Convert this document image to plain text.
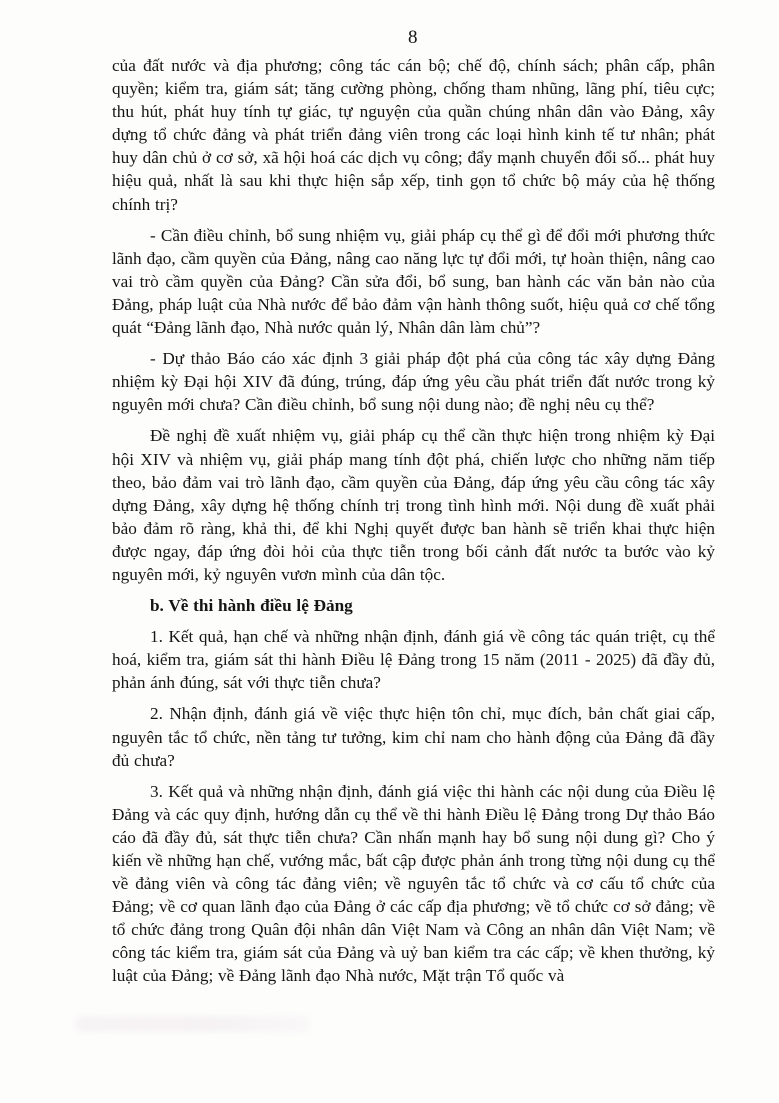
8

của đất nước và địa phương; công tác cán bộ; chế độ, chính sách; phân cấp, phân quyền; kiểm tra, giám sát; tăng cường phòng, chống tham nhũng, lãng phí, tiêu cực; thu hút, phát huy tính tự giác, tự nguyện của quần chúng nhân dân vào Đảng, xây dựng tổ chức đảng và phát triển đảng viên trong các loại hình kinh tế tư nhân; phát huy dân chủ ở cơ sở, xã hội hoá các dịch vụ công; đẩy mạnh chuyển đổi số... phát huy hiệu quả, nhất là sau khi thực hiện sắp xếp, tinh gọn tổ chức bộ máy của hệ thống chính trị?

- Cần điều chỉnh, bổ sung nhiệm vụ, giải pháp cụ thể gì để đổi mới phương thức lãnh đạo, cầm quyền của Đảng, nâng cao năng lực tự đổi mới, tự hoàn thiện, nâng cao vai trò cầm quyền của Đảng? Cần sửa đổi, bổ sung, ban hành các văn bản nào của Đảng, pháp luật của Nhà nước để bảo đảm vận hành thông suốt, hiệu quả cơ chế tổng quát “Đảng lãnh đạo, Nhà nước quản lý, Nhân dân làm chủ”?

- Dự thảo Báo cáo xác định 3 giải pháp đột phá của công tác xây dựng Đảng nhiệm kỳ Đại hội XIV đã đúng, trúng, đáp ứng yêu cầu phát triển đất nước trong kỷ nguyên mới chưa? Cần điều chỉnh, bổ sung nội dung nào; đề nghị nêu cụ thể?

Đề nghị đề xuất nhiệm vụ, giải pháp cụ thể cần thực hiện trong nhiệm kỳ Đại hội XIV và nhiệm vụ, giải pháp mang tính đột phá, chiến lược cho những năm tiếp theo, bảo đảm vai trò lãnh đạo, cầm quyền của Đảng, đáp ứng yêu cầu công tác xây dựng Đảng, xây dựng hệ thống chính trị trong tình hình mới. Nội dung đề xuất phải bảo đảm rõ ràng, khả thi, để khi Nghị quyết được ban hành sẽ triển khai thực hiện được ngay, đáp ứng đòi hỏi của thực tiễn trong bối cảnh đất nước ta bước vào kỷ nguyên mới, kỷ nguyên vươn mình của dân tộc.

b. Về thi hành điều lệ Đảng

1. Kết quả, hạn chế và những nhận định, đánh giá về công tác quán triệt, cụ thể hoá, kiểm tra, giám sát thi hành Điều lệ Đảng trong 15 năm (2011 - 2025) đã đầy đủ, phản ánh đúng, sát với thực tiễn chưa?

2. Nhận định, đánh giá về việc thực hiện tôn chỉ, mục đích, bản chất giai cấp, nguyên tắc tổ chức, nền tảng tư tưởng, kim chỉ nam cho hành động của Đảng đã đầy đủ chưa?

3. Kết quả và những nhận định, đánh giá việc thi hành các nội dung của Điều lệ Đảng và các quy định, hướng dẫn cụ thể về thi hành Điều lệ Đảng trong Dự thảo Báo cáo đã đầy đủ, sát thực tiễn chưa? Cần nhấn mạnh hay bổ sung nội dung gì? Cho ý kiến về những hạn chế, vướng mắc, bất cập được phản ánh trong từng nội dung cụ thể về đảng viên và công tác đảng viên; về nguyên tắc tổ chức và cơ cấu tổ chức của Đảng; về cơ quan lãnh đạo của Đảng ở các cấp địa phương; về tổ chức cơ sở đảng; về tổ chức đảng trong Quân đội nhân dân Việt Nam và Công an nhân dân Việt Nam; về công tác kiểm tra, giám sát của Đảng và uỷ ban kiểm tra các cấp; về khen thưởng, kỷ luật của Đảng; về Đảng lãnh đạo Nhà nước, Mặt trận Tổ quốc và
